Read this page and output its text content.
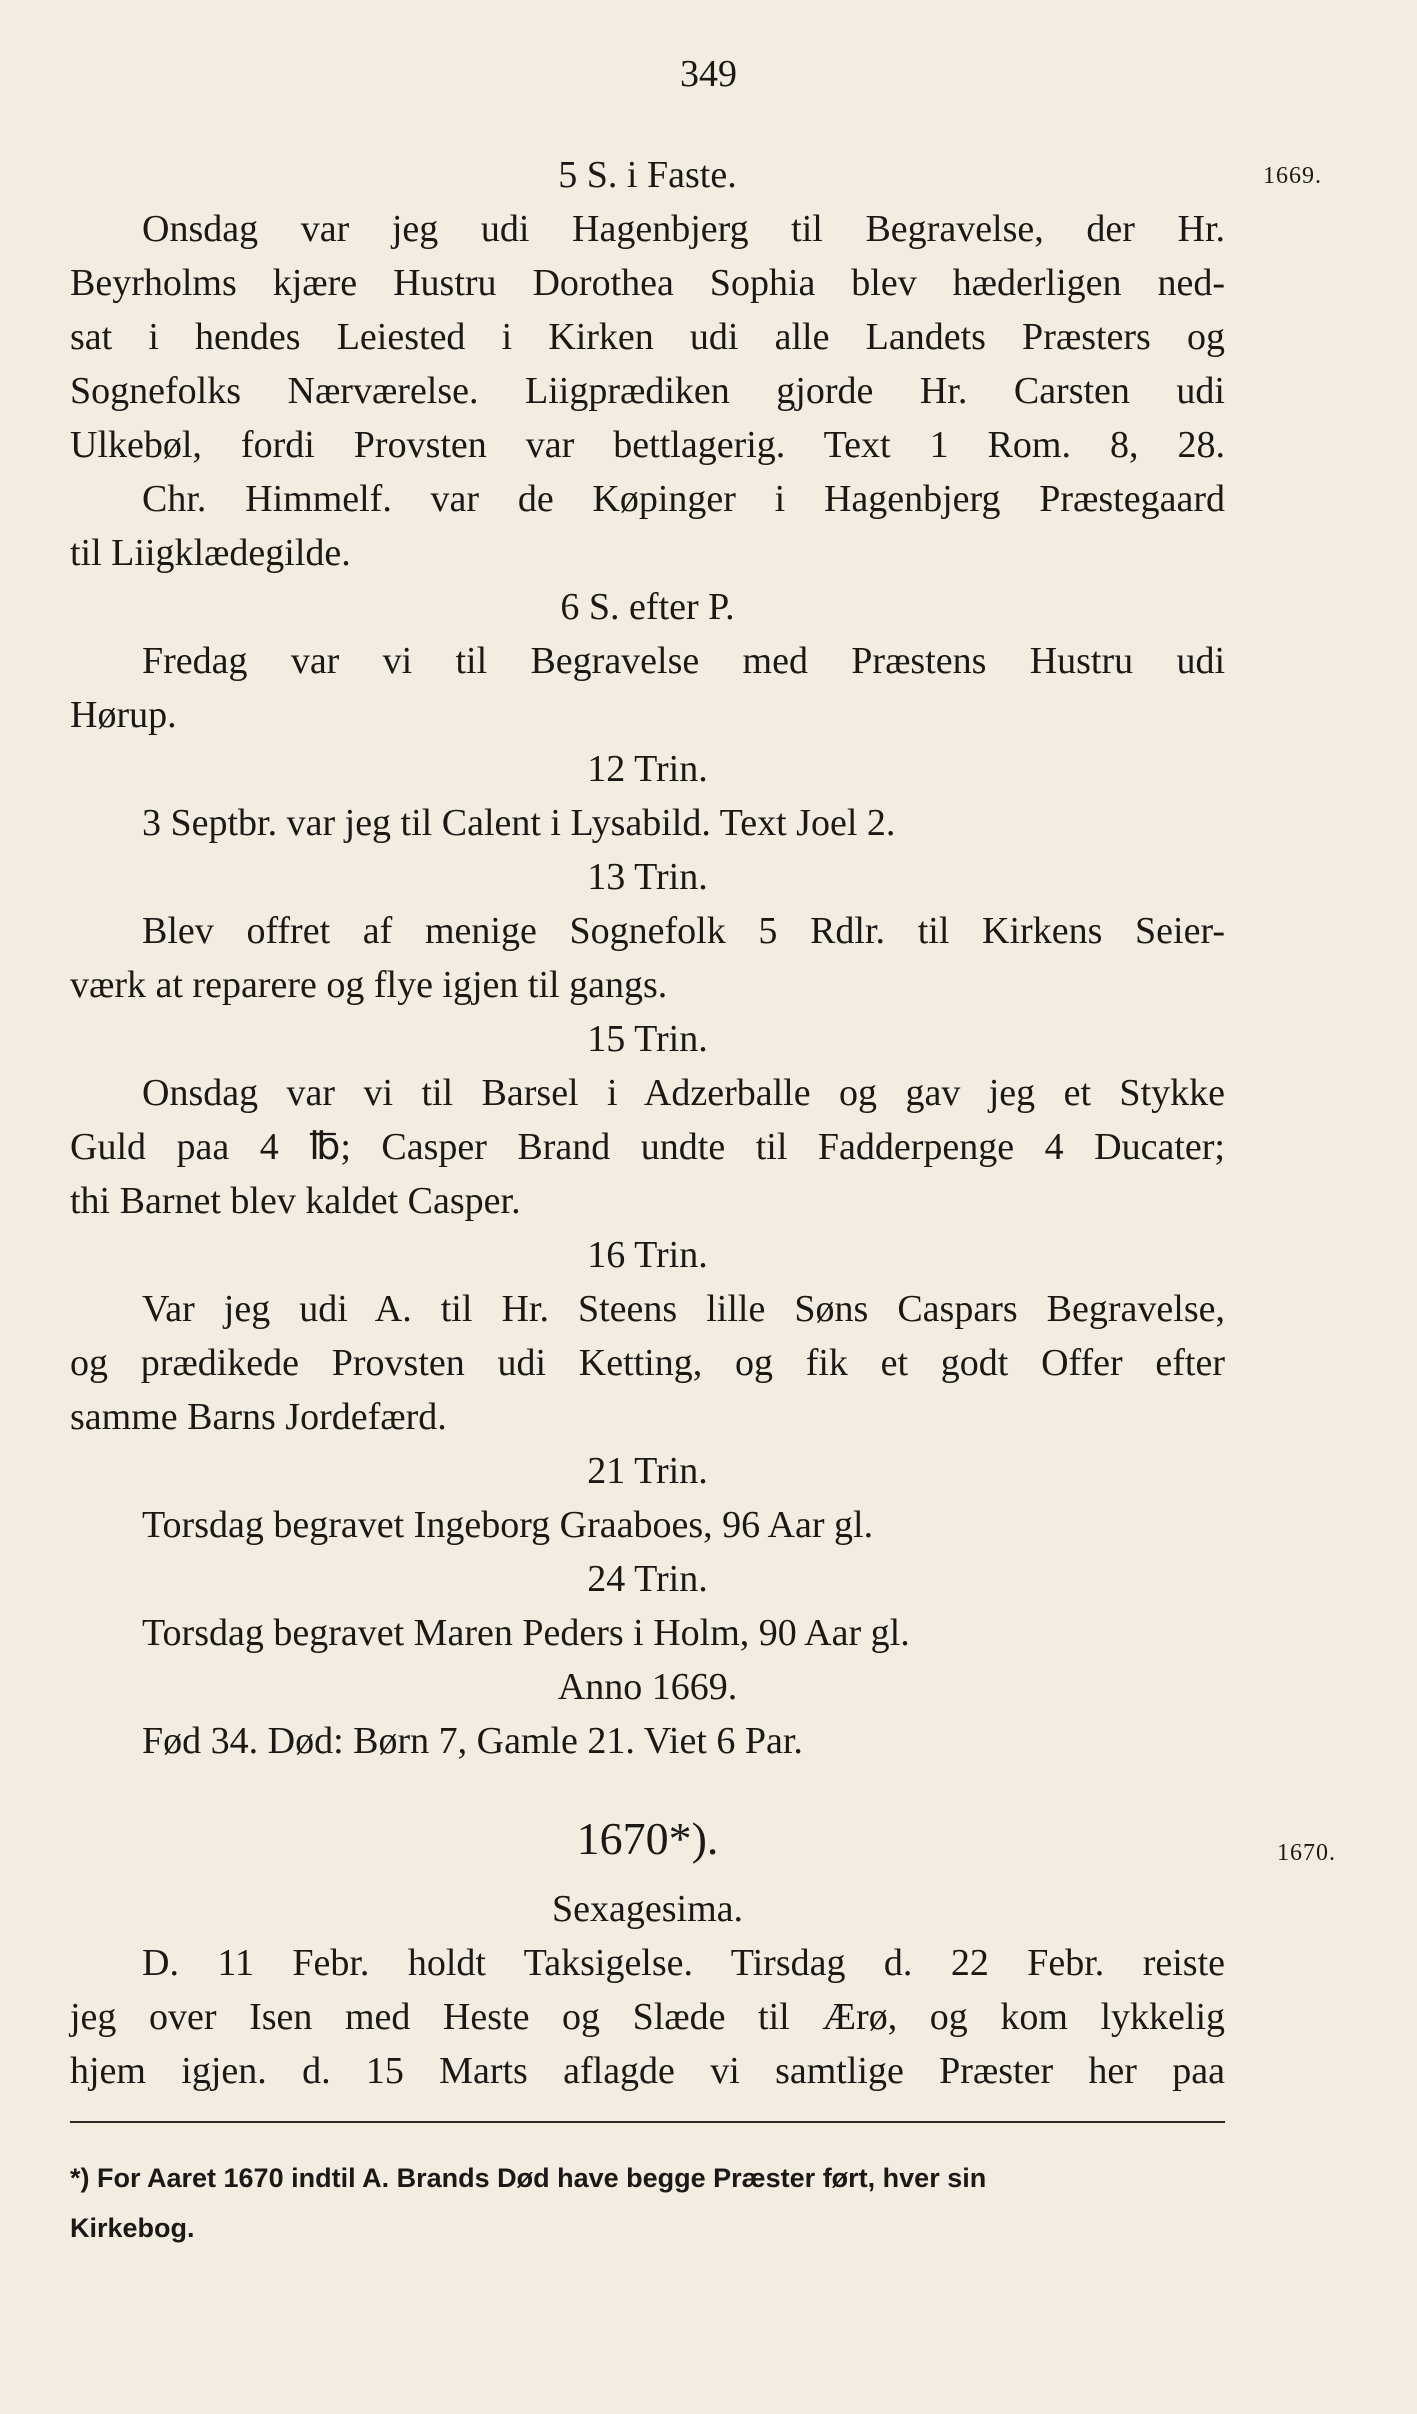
349
1669.
1670.
5 S. i Faste.
Onsdag var jeg udi Hagenbjerg til Begravelse, der Hr.
Beyrholms kjære Hustru Dorothea Sophia blev hæderligen ned-
sat i hendes Leiested i Kirken udi alle Landets Præsters og
Sognefolks Nærværelse. Liigprædiken gjorde Hr. Carsten udi
Ulkebøl, fordi Provsten var bettlagerig. Text 1 Rom. 8, 28.
Chr. Himmelf. var de Køpinger i Hagenbjerg Præstegaard
til Liigklædegilde.
6 S. efter P.
Fredag var vi til Begravelse med Præstens Hustru udi
Hørup.
12 Trin.
3 Septbr. var jeg til Calent i Lysabild. Text Joel 2.
13 Trin.
Blev offret af menige Sognefolk 5 Rdlr. til Kirkens Seier-
værk at reparere og flye igjen til gangs.
15 Trin.
Onsdag var vi til Barsel i Adzerballe og gav jeg et Stykke
Guld paa 4 ℔; Casper Brand undte til Fadderpenge 4 Ducater;
thi Barnet blev kaldet Casper.
16 Trin.
Var jeg udi A. til Hr. Steens lille Søns Caspars Begravelse,
og prædikede Provsten udi Ketting, og fik et godt Offer efter
samme Barns Jordefærd.
21 Trin.
Torsdag begravet Ingeborg Graaboes, 96 Aar gl.
24 Trin.
Torsdag begravet Maren Peders i Holm, 90 Aar gl.
Anno 1669.
Fød 34. Død: Børn 7, Gamle 21. Viet 6 Par.
1670*).
Sexagesima.
D. 11 Febr. holdt Taksigelse. Tirsdag d. 22 Febr. reiste
jeg over Isen med Heste og Slæde til Ærø, og kom lykkelig
hjem igjen. d. 15 Marts aflagde vi samtlige Præster her paa
*) For Aaret 1670 indtil A. Brands Død have begge Præster ført, hver sin
Kirkebog.
